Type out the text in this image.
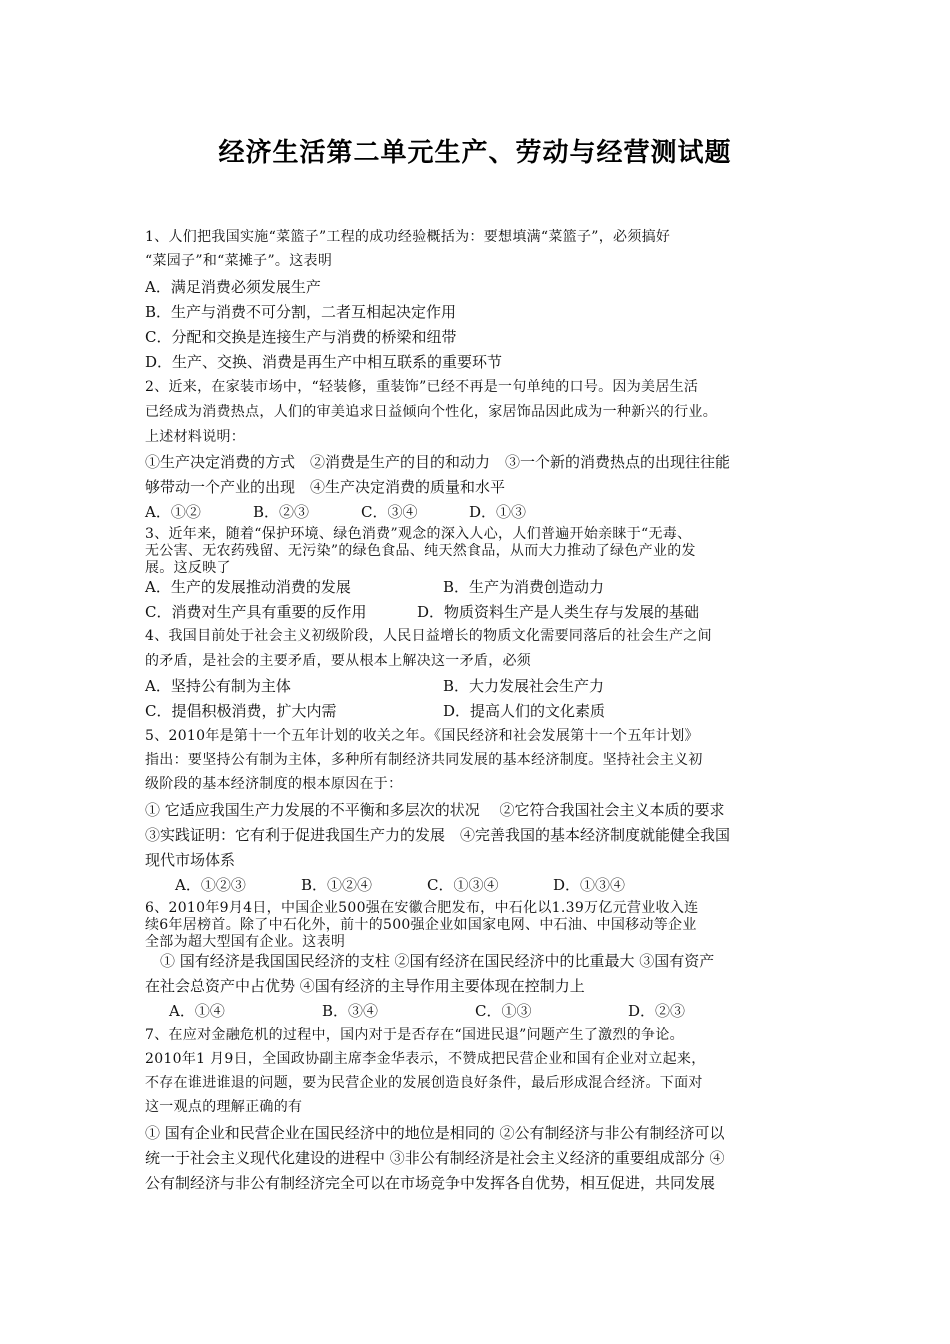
经济生活第二单元生产、劳动与经营测试题
1、人们把我国实施“菜篮子”工程的成功经验概括为：要想填满“菜篮子”，必须搞好
“菜园子”和“菜摊子”。这表明
A．满足消费必须发展生产
B．生产与消费不可分割，二者互相起决定作用
C．分配和交换是连接生产与消费的桥梁和纽带
D．生产、交换、消费是再生产中相互联系的重要环节
2、近来，在家装市场中，“轻装修，重装饰”已经不再是一句单纯的口号。因为美居生活
已经成为消费热点，人们的审美追求日益倾向个性化，家居饰品因此成为一种新兴的行业。
上述材料说明：
①生产决定消费的方式　②消费是生产的目的和动力　③一个新的消费热点的出现往往能
够带动一个产业的出现　④生产决定消费的质量和水平
A．①②	B．②③	C．③④	D．①③
3、近年来，随着“保护环境、绿色消费”观念的深入人心，人们普遍开始亲睐于“无毒、
无公害、无农药残留、无污染”的绿色食品、纯天然食品，从而大力推动了绿色产业的发
展。这反映了
A．生产的发展推动消费的发展	B．生产为消费创造动力
C．消费对生产具有重要的反作用	D．物质资料生产是人类生存与发展的基础
4、我国目前处于社会主义初级阶段，人民日益增长的物质文化需要同落后的社会生产之间
的矛盾，是社会的主要矛盾，要从根本上解决这一矛盾，必须
A．坚持公有制为主体	B．大力发展社会生产力
C．提倡积极消费，扩大内需	D．提高人们的文化素质
5、2010年是第十一个五年计划的收关之年。《国民经济和社会发展第十一个五年计划》
指出：要坚持公有制为主体，多种所有制经济共同发展的基本经济制度。坚持社会主义初
级阶段的基本经济制度的根本原因在于：
① 它适应我国生产力发展的不平衡和多层次的状况　 ②它符合我国社会主义本质的要求
③实践证明：它有利于促进我国生产力的发展　④完善我国的基本经济制度就能健全我国
现代市场体系
A．①②③	B．①②④	C．①③④	D．①③④
6、2010年9月4日，中国企业500强在安徽合肥发布，中石化以1.39万亿元营业收入连
续6年居榜首。除了中石化外，前十的500强企业如国家电网、中石油、中国移动等企业
全部为超大型国有企业。这表明
　① 国有经济是我国国民经济的支柱 ②国有经济在国民经济中的比重最大 ③国有资产
在社会总资产中占优势 ④国有经济的主导作用主要体现在控制力上
A．①④	B．③④	C．①③	D．②③
7、在应对金融危机的过程中，国内对于是否存在“国进民退”问题产生了激烈的争论。
2010年1 月9日，全国政协副主席李金华表示，不赞成把民营企业和国有企业对立起来，
不存在谁进谁退的问题，要为民营企业的发展创造良好条件，最后形成混合经济。下面对
这一观点的理解正确的有
① 国有企业和民营企业在国民经济中的地位是相同的 ②公有制经济与非公有制经济可以
统一于社会主义现代化建设的进程中 ③非公有制经济是社会主义经济的重要组成部分 ④
公有制经济与非公有制经济完全可以在市场竞争中发挥各自优势，相互促进，共同发展
